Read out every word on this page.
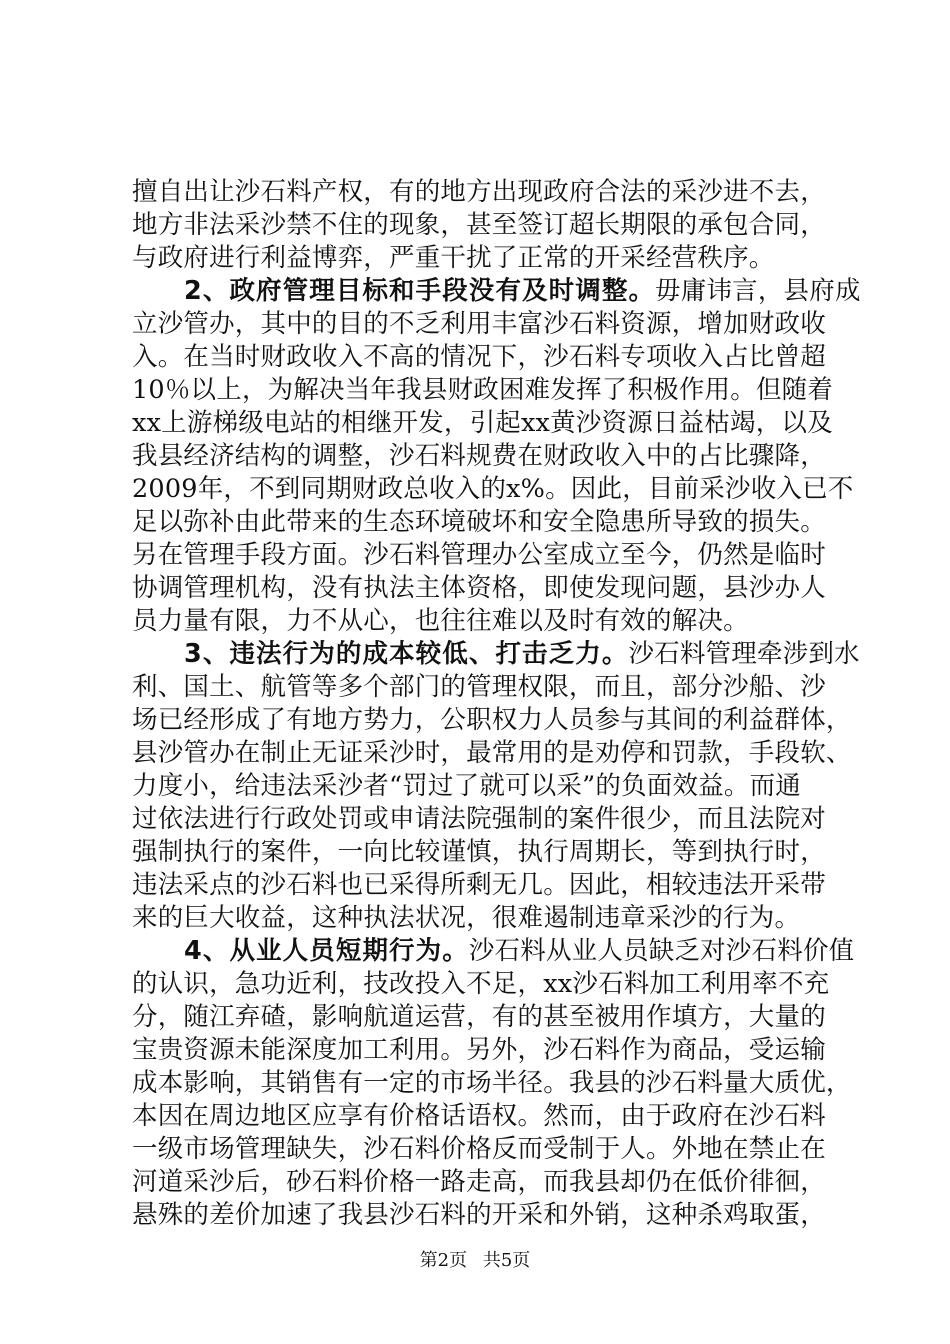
擅自出让沙石料产权，有的地方出现政府合法的采沙进不去，
地方非法采沙禁不住的现象，甚至签订超长期限的承包合同，
与政府进行利益博弈，严重干扰了正常的开采经营秩序。
2、政府管理目标和手段没有及时调整。毋庸讳言，县府成
立沙管办，其中的目的不乏利用丰富沙石料资源，增加财政收
入。在当时财政收入不高的情况下，沙石料专项收入占比曾超
10％以上，为解决当年我县财政困难发挥了积极作用。但随着
xx上游梯级电站的相继开发，引起xx黄沙资源日益枯竭，以及
我县经济结构的调整，沙石料规费在财政收入中的占比骤降，
2009年，不到同期财政总收入的x%。因此，目前采沙收入已不
足以弥补由此带来的生态环境破坏和安全隐患所导致的损失。
另在管理手段方面。沙石料管理办公室成立至今，仍然是临时
协调管理机构，没有执法主体资格，即使发现问题，县沙办人
员力量有限，力不从心，也往往难以及时有效的解决。
3、违法行为的成本较低、打击乏力。沙石料管理牵涉到水
利、国土、航管等多个部门的管理权限，而且，部分沙船、沙
场已经形成了有地方势力，公职权力人员参与其间的利益群体，
县沙管办在制止无证采沙时，最常用的是劝停和罚款，手段软、
力度小，给违法采沙者“罚过了就可以采”的负面效益。而通
过依法进行行政处罚或申请法院强制的案件很少，而且法院对
强制执行的案件，一向比较谨慎，执行周期长，等到执行时，
违法采点的沙石料也已采得所剩无几。因此，相较违法开采带
来的巨大收益，这种执法状况，很难遏制违章采沙的行为。
4、从业人员短期行为。沙石料从业人员缺乏对沙石料价值
的认识，急功近利，技改投入不足，xx沙石料加工利用率不充
分，随江弃碴，影响航道运营，有的甚至被用作填方，大量的
宝贵资源未能深度加工利用。另外，沙石料作为商品，受运输
成本影响，其销售有一定的市场半径。我县的沙石料量大质优，
本因在周边地区应享有价格话语权。然而，由于政府在沙石料
一级市场管理缺失，沙石料价格反而受制于人。外地在禁止在
河道采沙后，砂石料价格一路走高，而我县却仍在低价徘徊，
悬殊的差价加速了我县沙石料的开采和外销，这种杀鸡取蛋，
第2页 共5页
